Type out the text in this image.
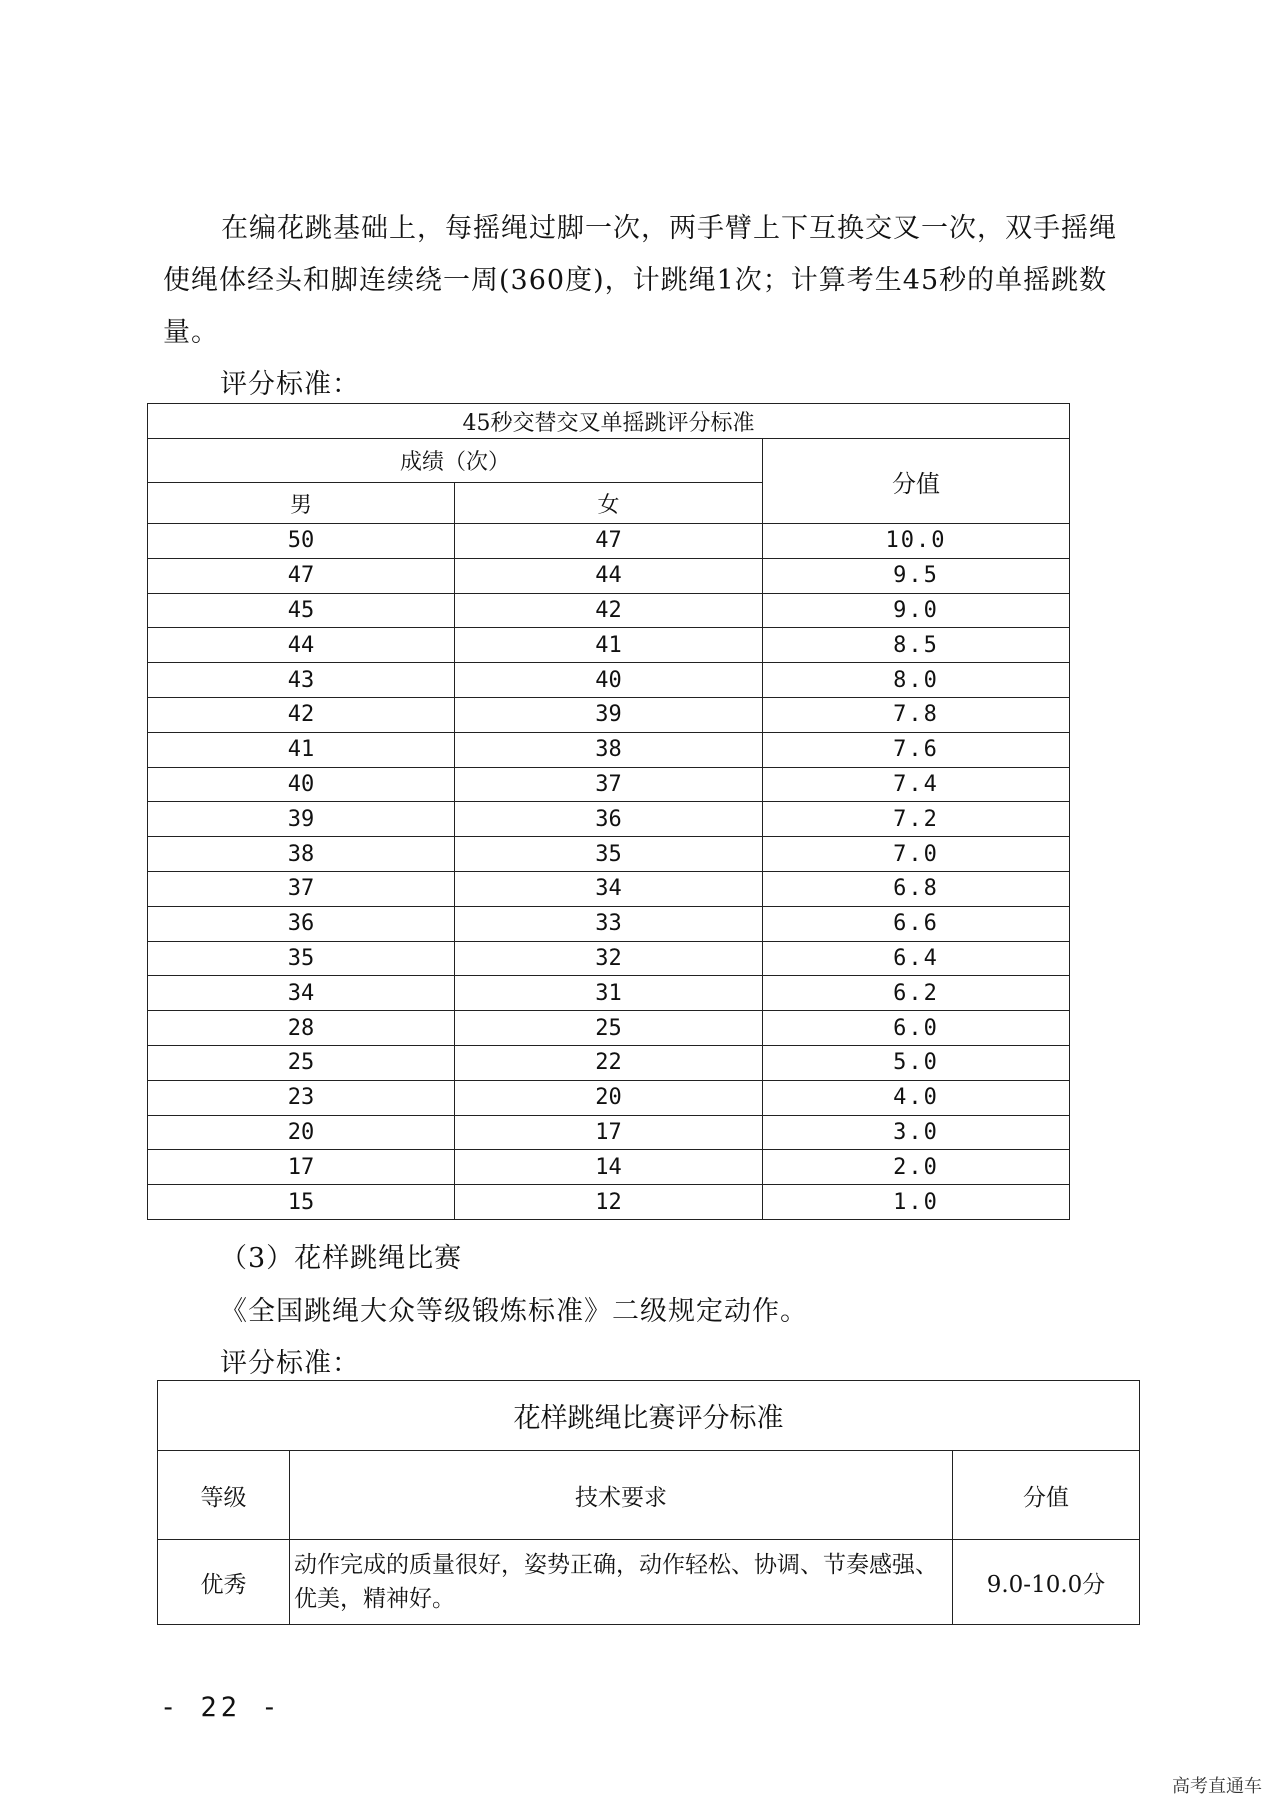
在编花跳基础上，每摇绳过脚一次，两手臂上下互换交叉一次，双手摇绳使绳体经头和脚连续绕一周(360度)，计跳绳1次；计算考生45秒的单摇跳数量。

评分标准：

45秒交替交叉单摇跳评分标准		
成绩（次）		分值
男	女	
50	47	10.0
47	44	9.5
45	42	9.0
44	41	8.5
43	40	8.0
42	39	7.8
41	38	7.6
40	37	7.4
39	36	7.2
38	35	7.0
37	34	6.8
36	33	6.6
35	32	6.4
34	31	6.2
28	25	6.0
25	22	5.0
23	20	4.0
20	17	3.0
17	14	2.0
15	12	1.0

（3）花样跳绳比赛

《全国跳绳大众等级锻炼标准》二级规定动作。

评分标准：

花样跳绳比赛评分标准		
等级	技术要求	分值
优秀	动作完成的质量很好，姿势正确，动作轻松、协调、节奏感强、优美，精神好。	9.0-10.0分
- 22 -
高考直通车
